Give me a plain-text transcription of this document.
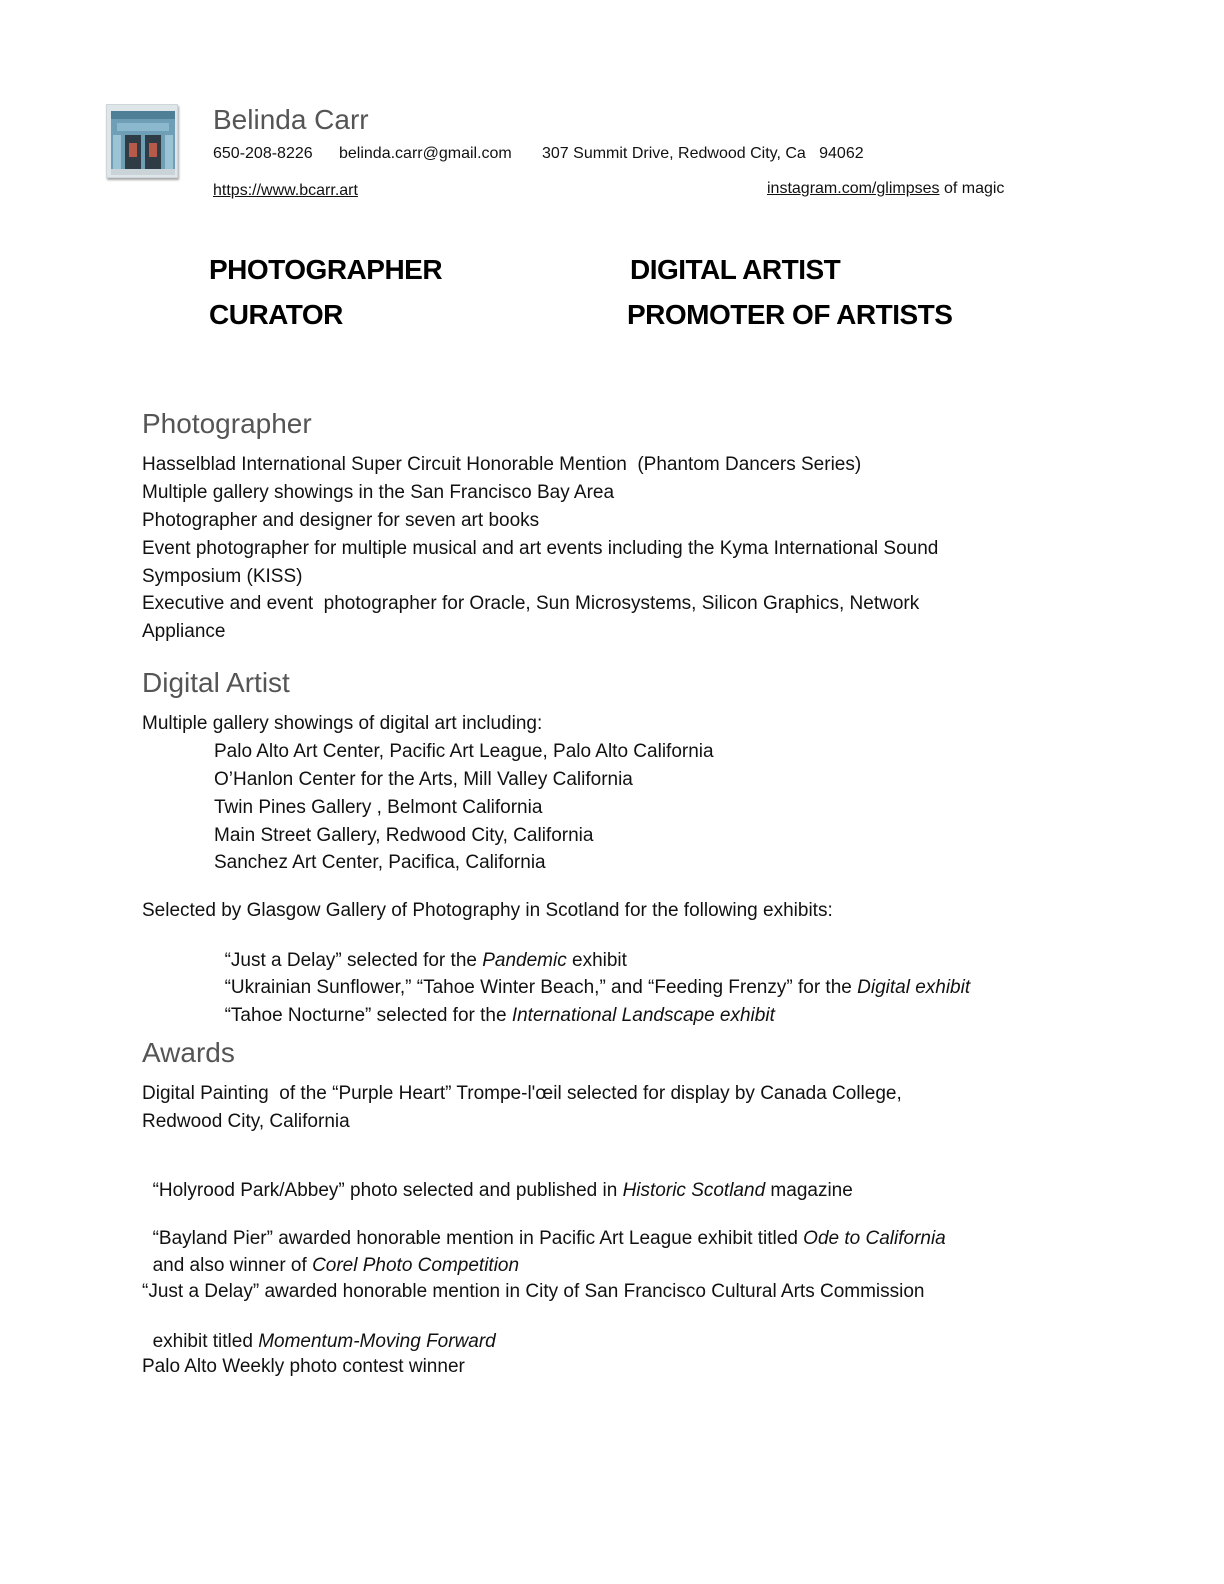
Belinda Carr
650-208-8226 belinda.carr@gmail.com 307 Summit Drive, Redwood City, Ca   94062
https://www.bcarr.art	instagram.com/glimpses of magic
PHOTOGRAPHER	DIGITAL ARTIST
CURATOR	PROMOTER OF ARTISTS
Photographer
Hasselblad International Super Circuit Honorable Mention  (Phantom Dancers Series)
Multiple gallery showings in the San Francisco Bay Area
Photographer and designer for seven art books
Event photographer for multiple musical and art events including the Kyma International Sound
Symposium (KISS)
Executive and event  photographer for Oracle, Sun Microsystems, Silicon Graphics, Network
Appliance
Digital Artist
Multiple gallery showings of digital art including:
Palo Alto Art Center, Pacific Art League, Palo Alto California
O’Hanlon Center for the Arts, Mill Valley California
Twin Pines Gallery , Belmont California
Main Street Gallery, Redwood City, California
Sanchez Art Center, Pacifica, California
Selected by Glasgow Gallery of Photography in Scotland for the following exhibits:

“Just a Delay” selected for the Pandemic exhibit

“Ukrainian Sunflower,” “Tahoe Winter Beach,” and “Feeding Frenzy” for the Digital exhibit

“Tahoe Nocturne” selected for the International Landscape exhibit

Awards
Digital Painting  of the “Purple Heart” Trompe-l'œil selected for display by Canada College,
Redwood City, California

“Holyrood Park/Abbey” photo selected and published in Historic Scotland magazine

“Bayland Pier” awarded honorable mention in Pacific Art League exhibit titled Ode to California

and also winner of Corel Photo Competition

“Just a Delay” awarded honorable mention in City of San Francisco Cultural Arts Commission

exhibit titled Momentum-Moving Forward

Palo Alto Weekly photo contest winner
